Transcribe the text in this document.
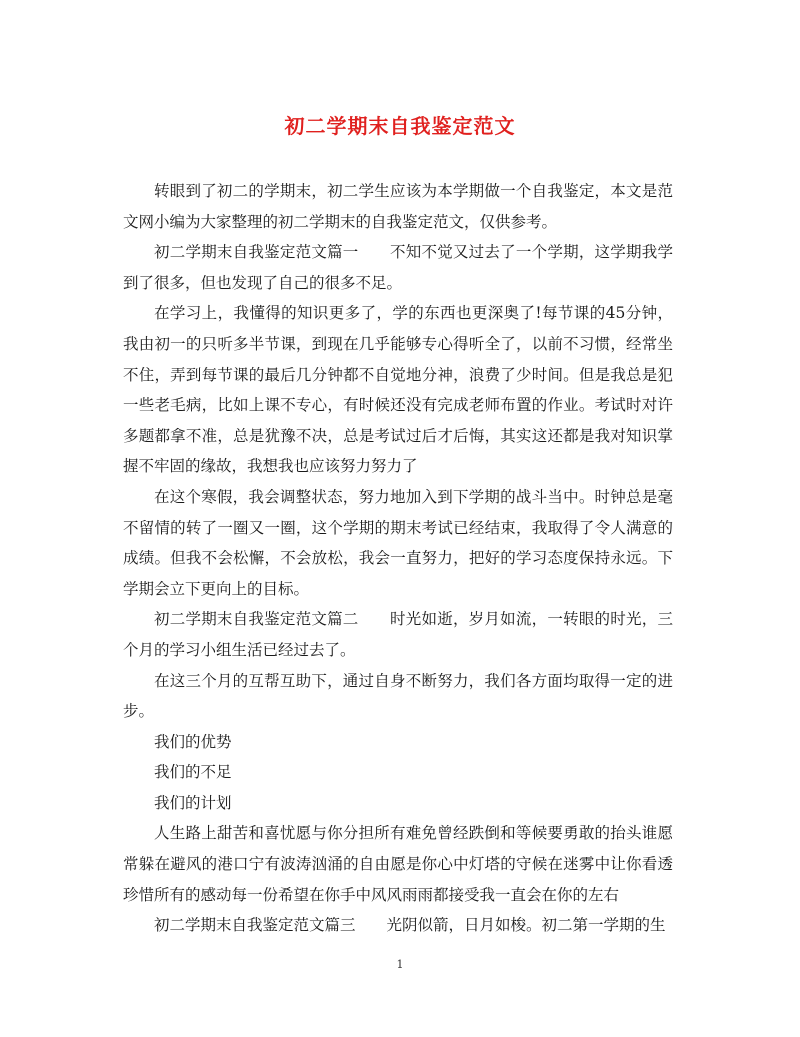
初二学期末自我鉴定范文

转眼到了初二的学期末，初二学生应该为本学期做一个自我鉴定，本文是范文网小编为大家整理的初二学期末的自我鉴定范文，仅供参考。

初二学期末自我鉴定范文篇一　　不知不觉又过去了一个学期，这学期我学到了很多，但也发现了自己的很多不足。

在学习上，我懂得的知识更多了，学的东西也更深奥了!每节课的45分钟，我由初一的只听多半节课，到现在几乎能够专心得听全了，以前不习惯，经常坐不住，弄到每节课的最后几分钟都不自觉地分神，浪费了少时间。但是我总是犯一些老毛病，比如上课不专心，有时候还没有完成老师布置的作业。考试时对许多题都拿不准，总是犹豫不决，总是考试过后才后悔，其实这还都是我对知识掌握不牢固的缘故，我想我也应该努力努力了

在这个寒假，我会调整状态，努力地加入到下学期的战斗当中。时钟总是毫不留情的转了一圈又一圈，这个学期的期末考试已经结束，我取得了令人满意的成绩。但我不会松懈，不会放松，我会一直努力，把好的学习态度保持永远。下学期会立下更向上的目标。

初二学期末自我鉴定范文篇二　　时光如逝，岁月如流，一转眼的时光，三个月的学习小组生活已经过去了。

在这三个月的互帮互助下，通过自身不断努力，我们各方面均取得一定的进步。

我们的优势

我们的不足

我们的计划

人生路上甜苦和喜忧愿与你分担所有难免曾经跌倒和等候要勇敢的抬头谁愿常躲在避风的港口宁有波涛汹涌的自由愿是你心中灯塔的守候在迷雾中让你看透珍惜所有的感动每一份希望在你手中风风雨雨都接受我一直会在你的左右

初二学期末自我鉴定范文篇三　　光阴似箭，日月如梭。初二第一学期的生

1
